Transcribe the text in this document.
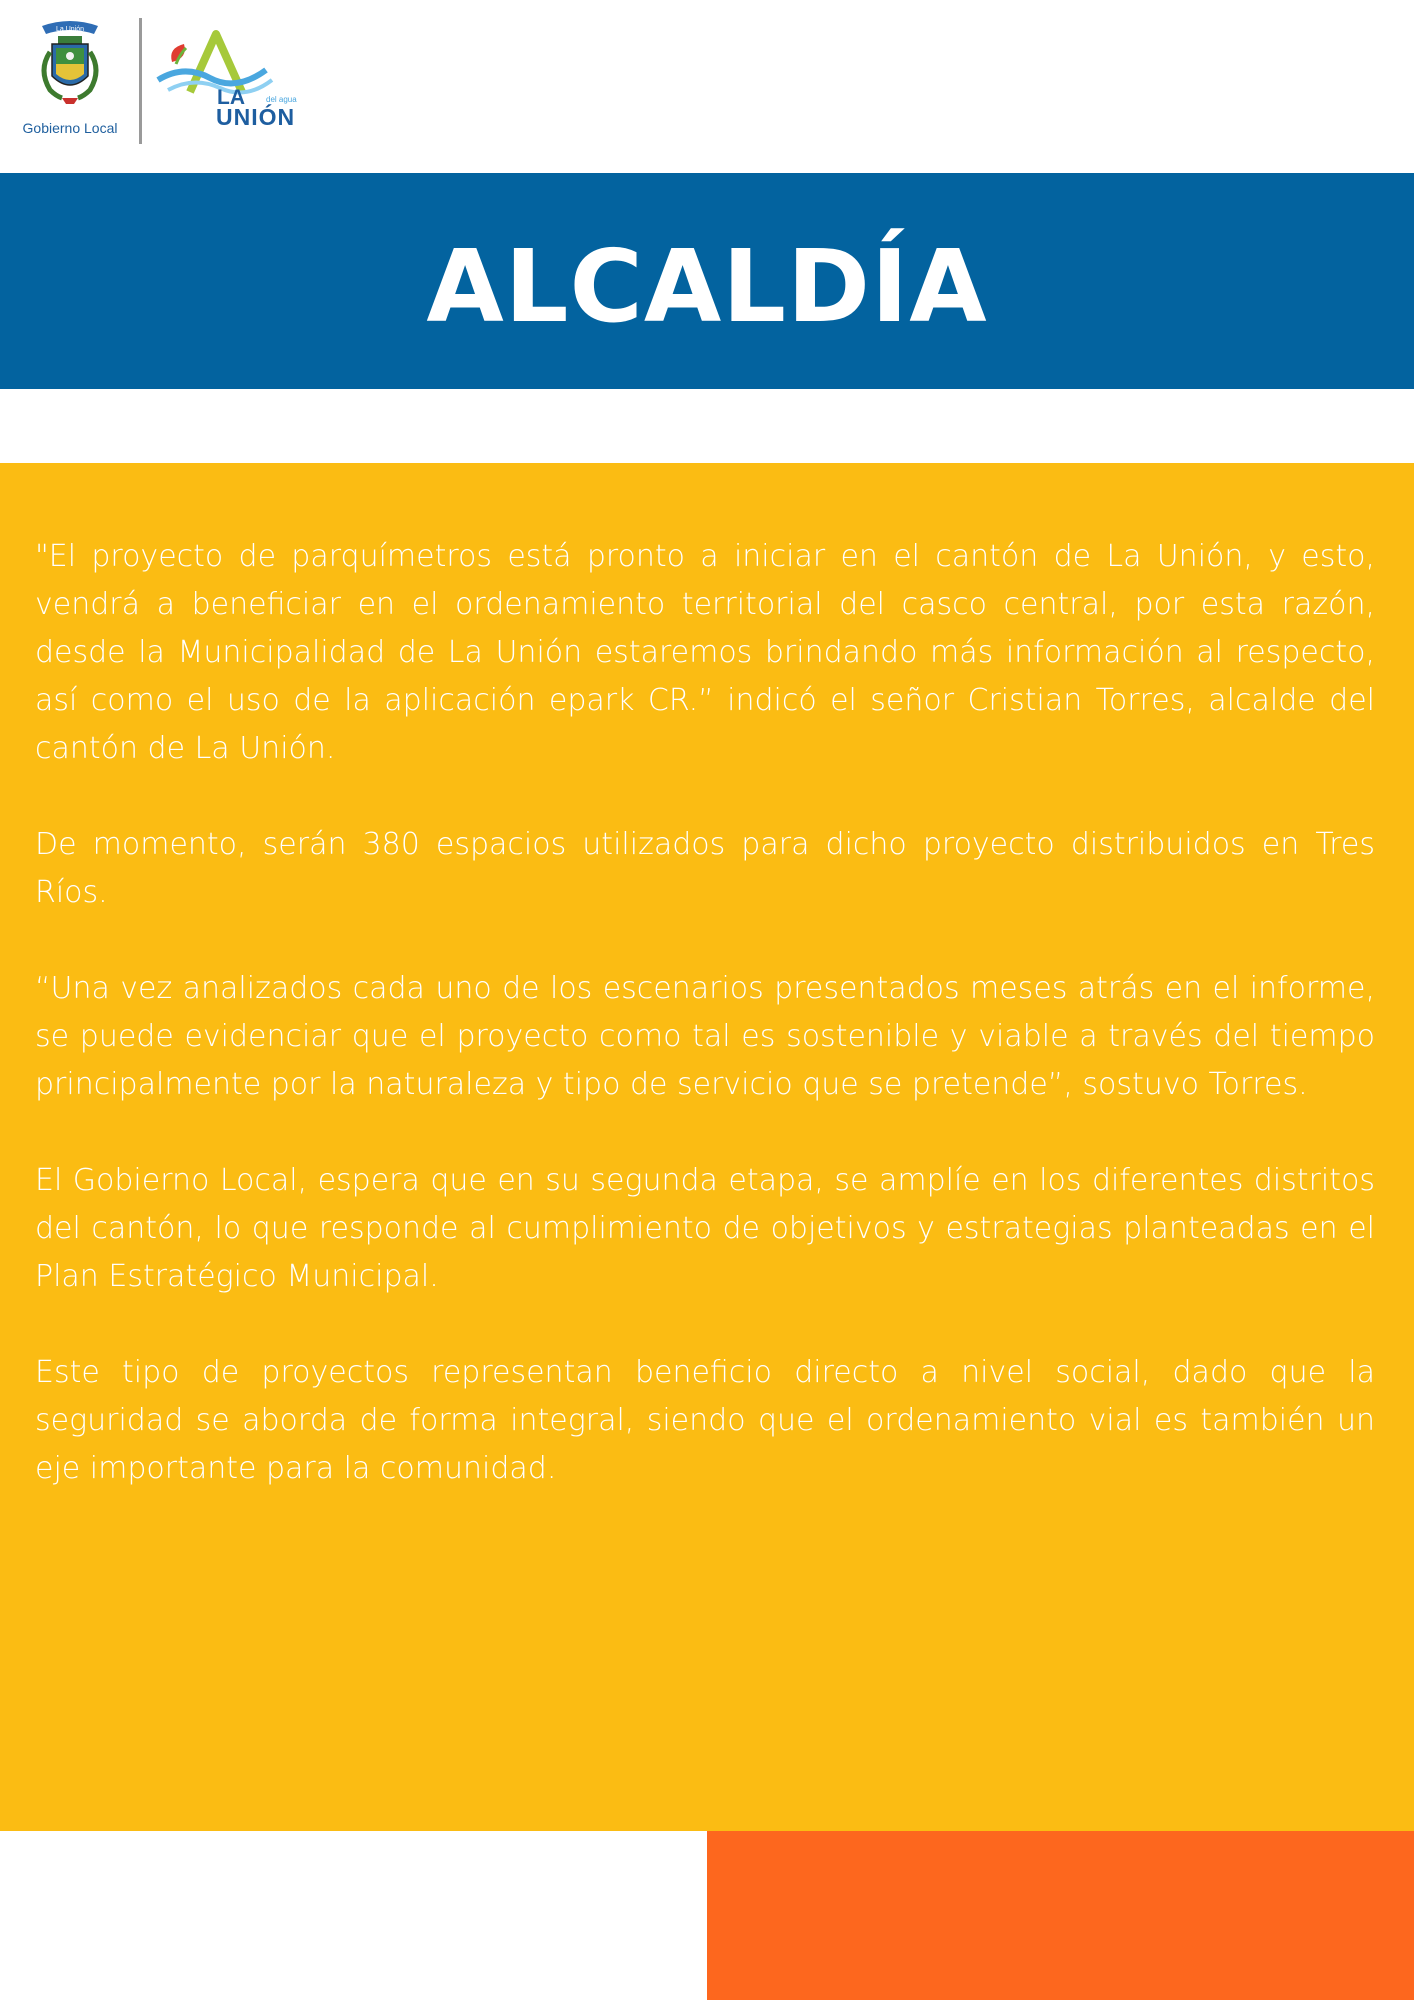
La Unión
Gobierno Local
LA	del agua
UNIÓN
ALCALDÍA

"El proyecto de parquímetros está pronto a iniciar en el cantón de La Unión, y esto, vendrá a beneficiar en el ordenamiento territorial del casco central, por esta razón, desde la Municipalidad de La Unión estaremos brindando más información al respecto, así como el uso de la aplicación epark CR.” indicó el señor Cristian Torres, alcalde del cantón de La Unión.

De momento, serán 380 espacios utilizados para dicho proyecto distribuidos en Tres Ríos.

“Una vez analizados cada uno de los escenarios presentados meses atrás en el informe, se puede evidenciar que el proyecto como tal es sostenible y viable a través del tiempo principalmente por la naturaleza y tipo de servicio que se pretende”, sostuvo Torres.

El Gobierno Local, espera que en su segunda etapa, se amplíe en los diferentes distritos del cantón, lo que responde al cumplimiento de objetivos y estrategias planteadas en el Plan Estratégico Municipal.

Este tipo de proyectos representan beneficio directo a nivel social, dado que la seguridad se aborda de forma integral, siendo que el ordenamiento vial es también un eje importante para la comunidad.
